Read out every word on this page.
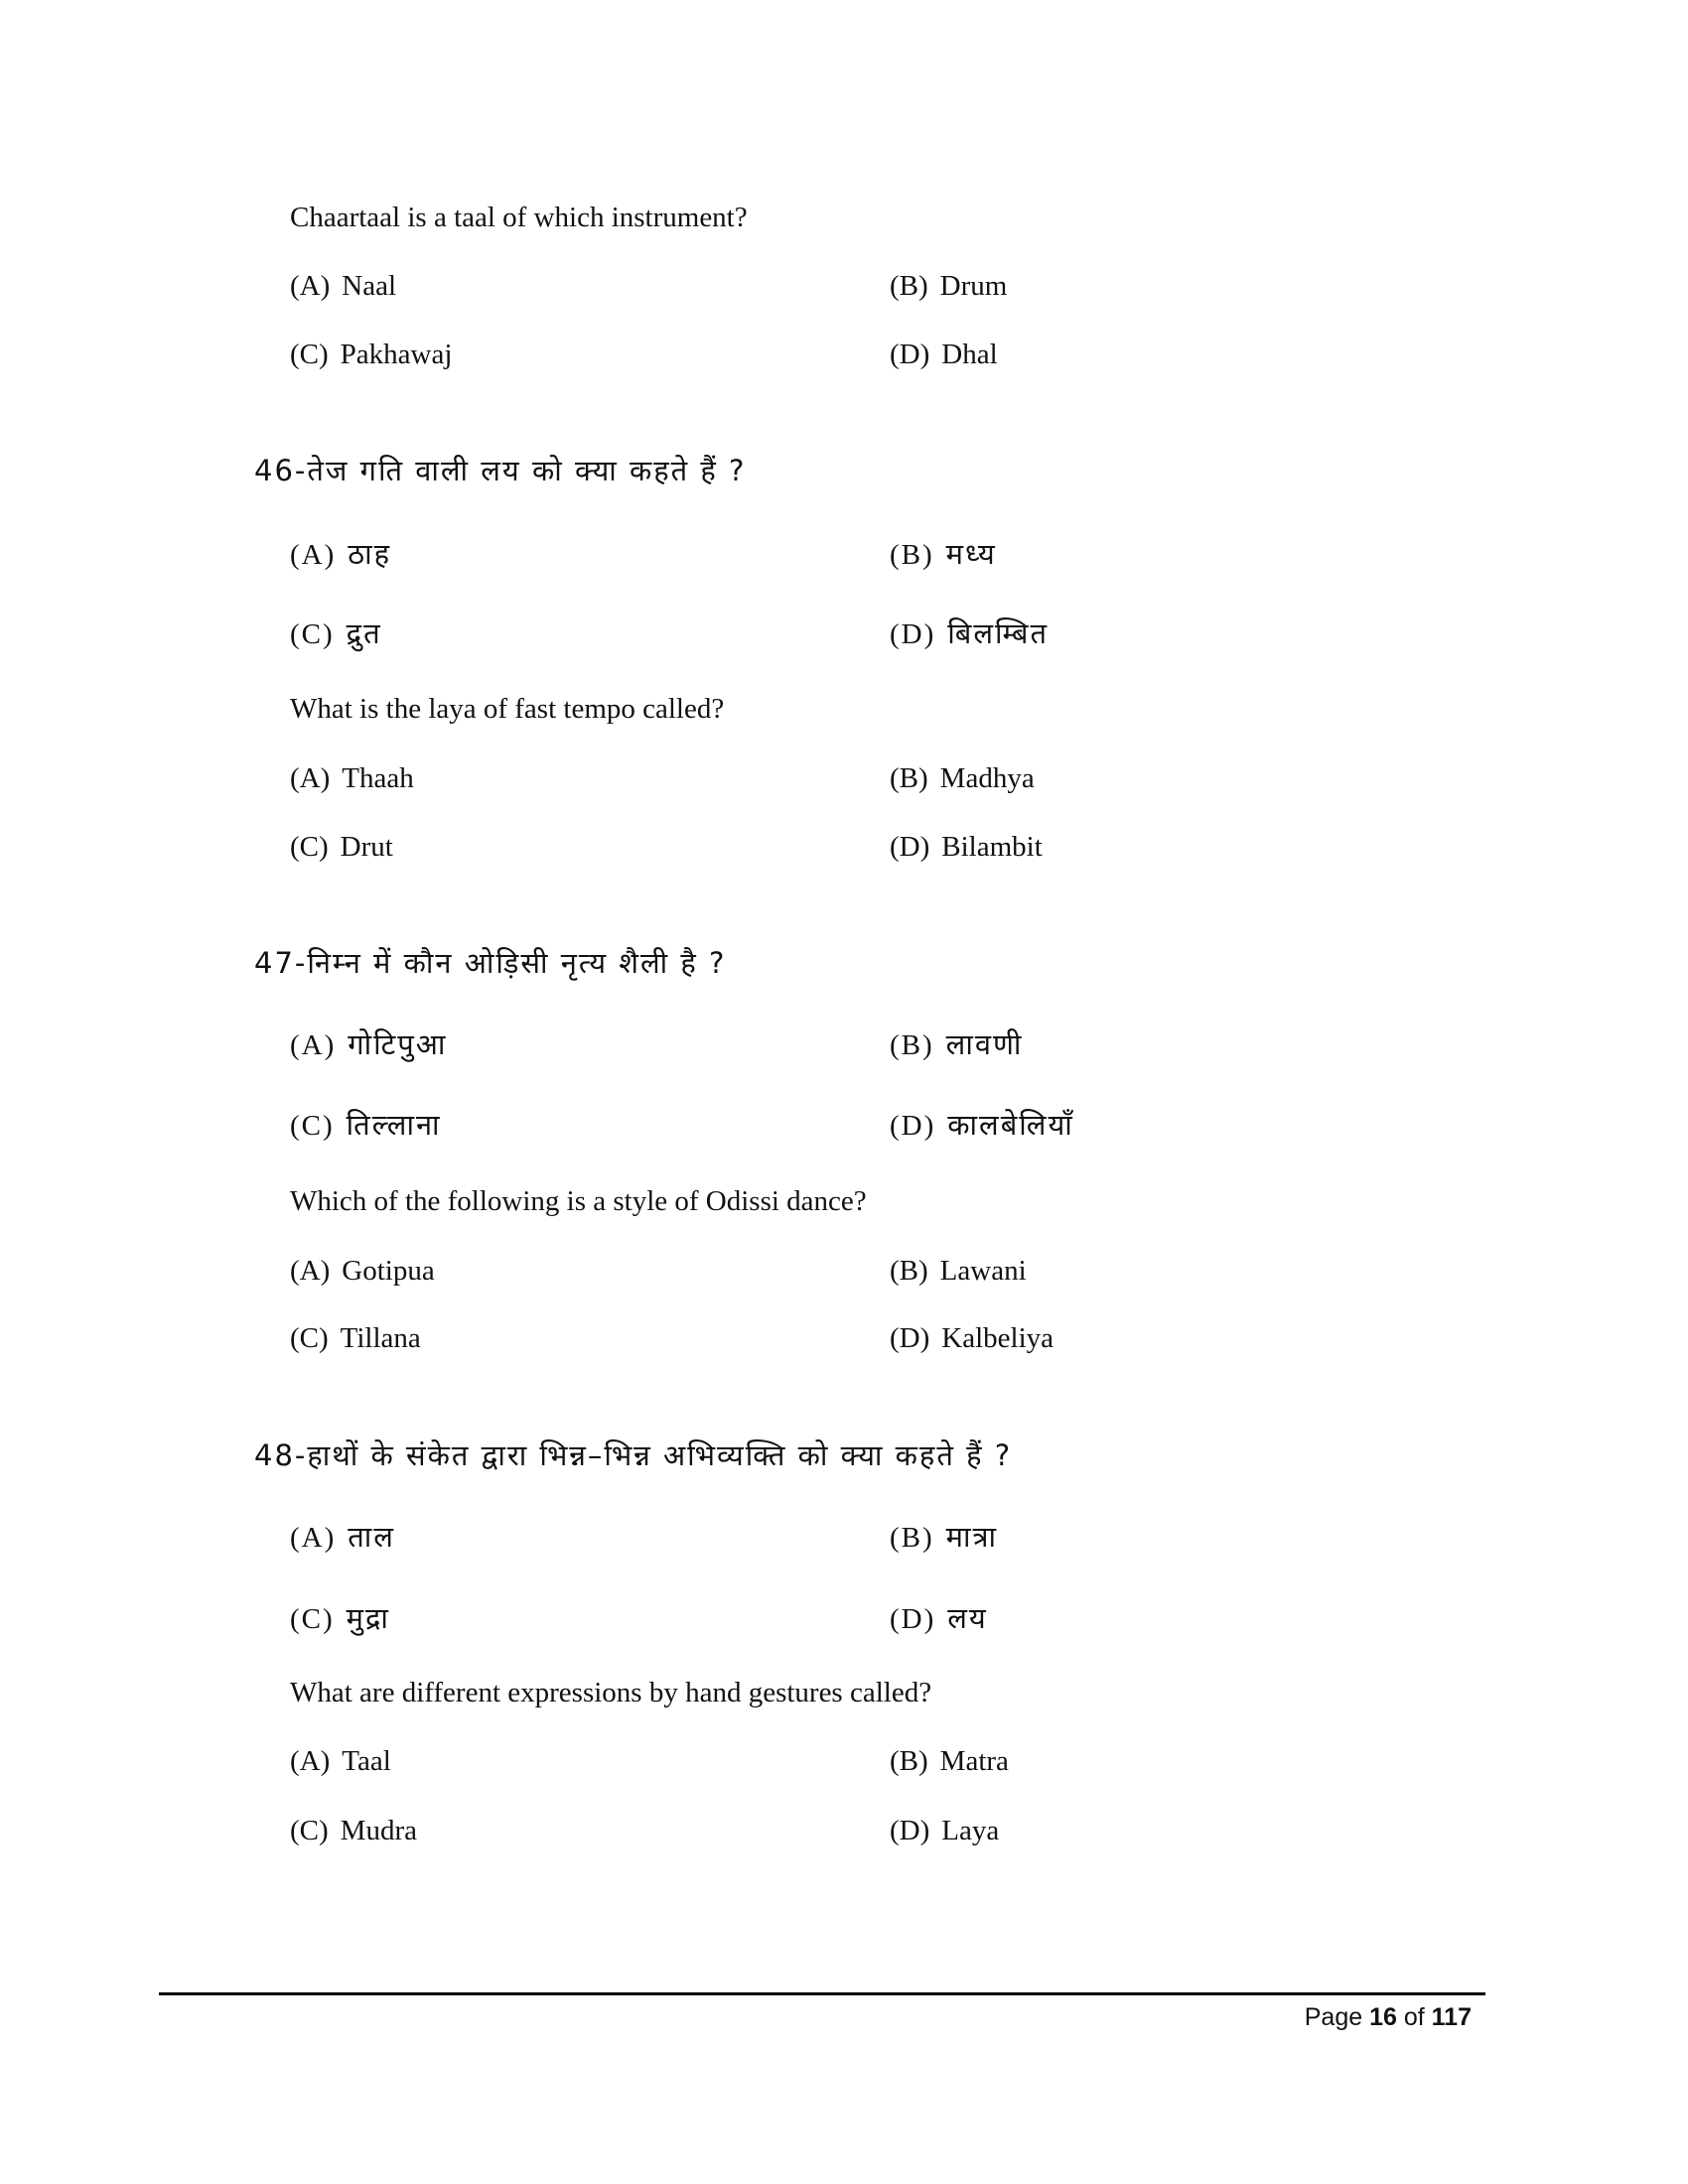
Chaartaal is a taal of which instrument?
(A) Naal	(B) Drum
(C) Pakhawaj	(D) Dhal
46-तेज गति वाली लय को क्या कहते हैं ?
(A) ठाह	(B) मध्य
(C) द्रुत	(D) बिलम्बित
What is the laya of fast tempo called?
(A) Thaah	(B) Madhya
(C) Drut	(D) Bilambit
47-निम्न में कौन ओड़िसी नृत्य शैली है ?
(A) गोटिपुआ	(B) लावणी
(C) तिल्लाना	(D) कालबेलियाँ
Which of the following is a style of Odissi dance?
(A) Gotipua	(B) Lawani
(C) Tillana	(D) Kalbeliya
48-हाथों के संकेत द्वारा भिन्न–भिन्न अभिव्यक्ति को क्या कहते हैं ?
(A) ताल	(B) मात्रा
(C) मुद्रा	(D) लय
What are different expressions by hand gestures called?
(A) Taal	(B) Matra
(C) Mudra	(D) Laya
Page 16 of 117
